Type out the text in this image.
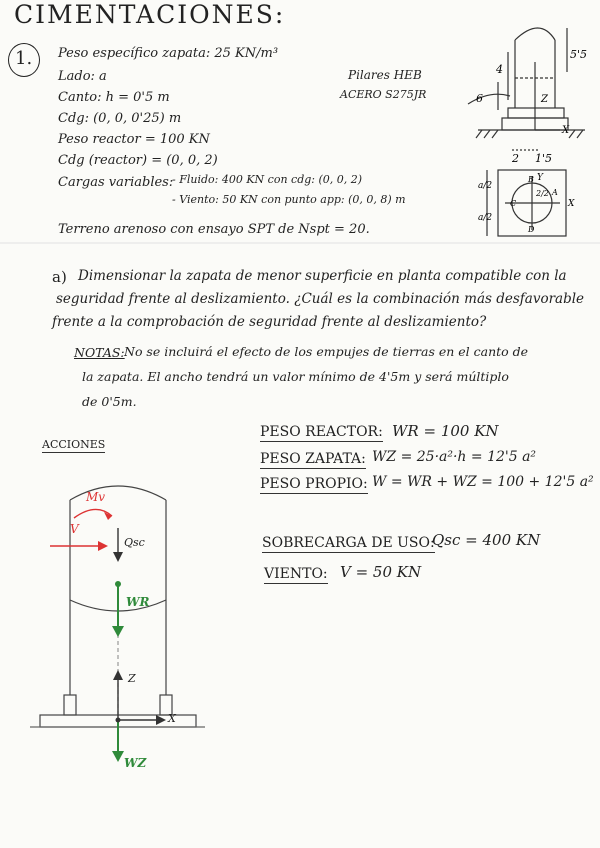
CIMENTACIONES:
1. Peso específico zapata: 25 KN/m³
Lado: a
Canto: h = 0'5 m
Cdg: (0, 0, 0'25) m
Peso reactor = 100 KN
Cdg (reactor) = (0, 0, 2)
Cargas variables:
- Fluido: 400 KN con cdg: (0, 0, 2)
- Viento: 50 KN con punto app: (0, 0, 8) m
Terreno arenoso con ensayo SPT de Nspt = 20.
Pilares HEB
ACERO S275JR
a) Dimensionar la zapata de menor superficie en planta compatible con la
seguridad frente al deslizamiento. ¿Cuál es la combinación más desfavorable
frente a la comprobación de seguridad frente al deslizamiento?
NOTAS: No se incluirá el efecto de los empujes de tierras en el canto de
la zapata. El ancho tendrá un valor mínimo de 4'5m y será múltiplo
de 0'5m.
ACCIONES
PESO REACTOR: WR = 100 KN
PESO ZAPATA: WZ = 25·a²·h = 12'5 a²
PESO PROPIO: W = WR + WZ = 100 + 12'5 a²
SOBRECARGA DE USO:
Qsc = 400 KN
VIENTO: V = 50 KN
4
5'5
6	Z
X
2 1'5
a/2
a/2
Y
X
C
2/2 A
D
B
Mv
V
Qsc
WR
Z
X
WZ
